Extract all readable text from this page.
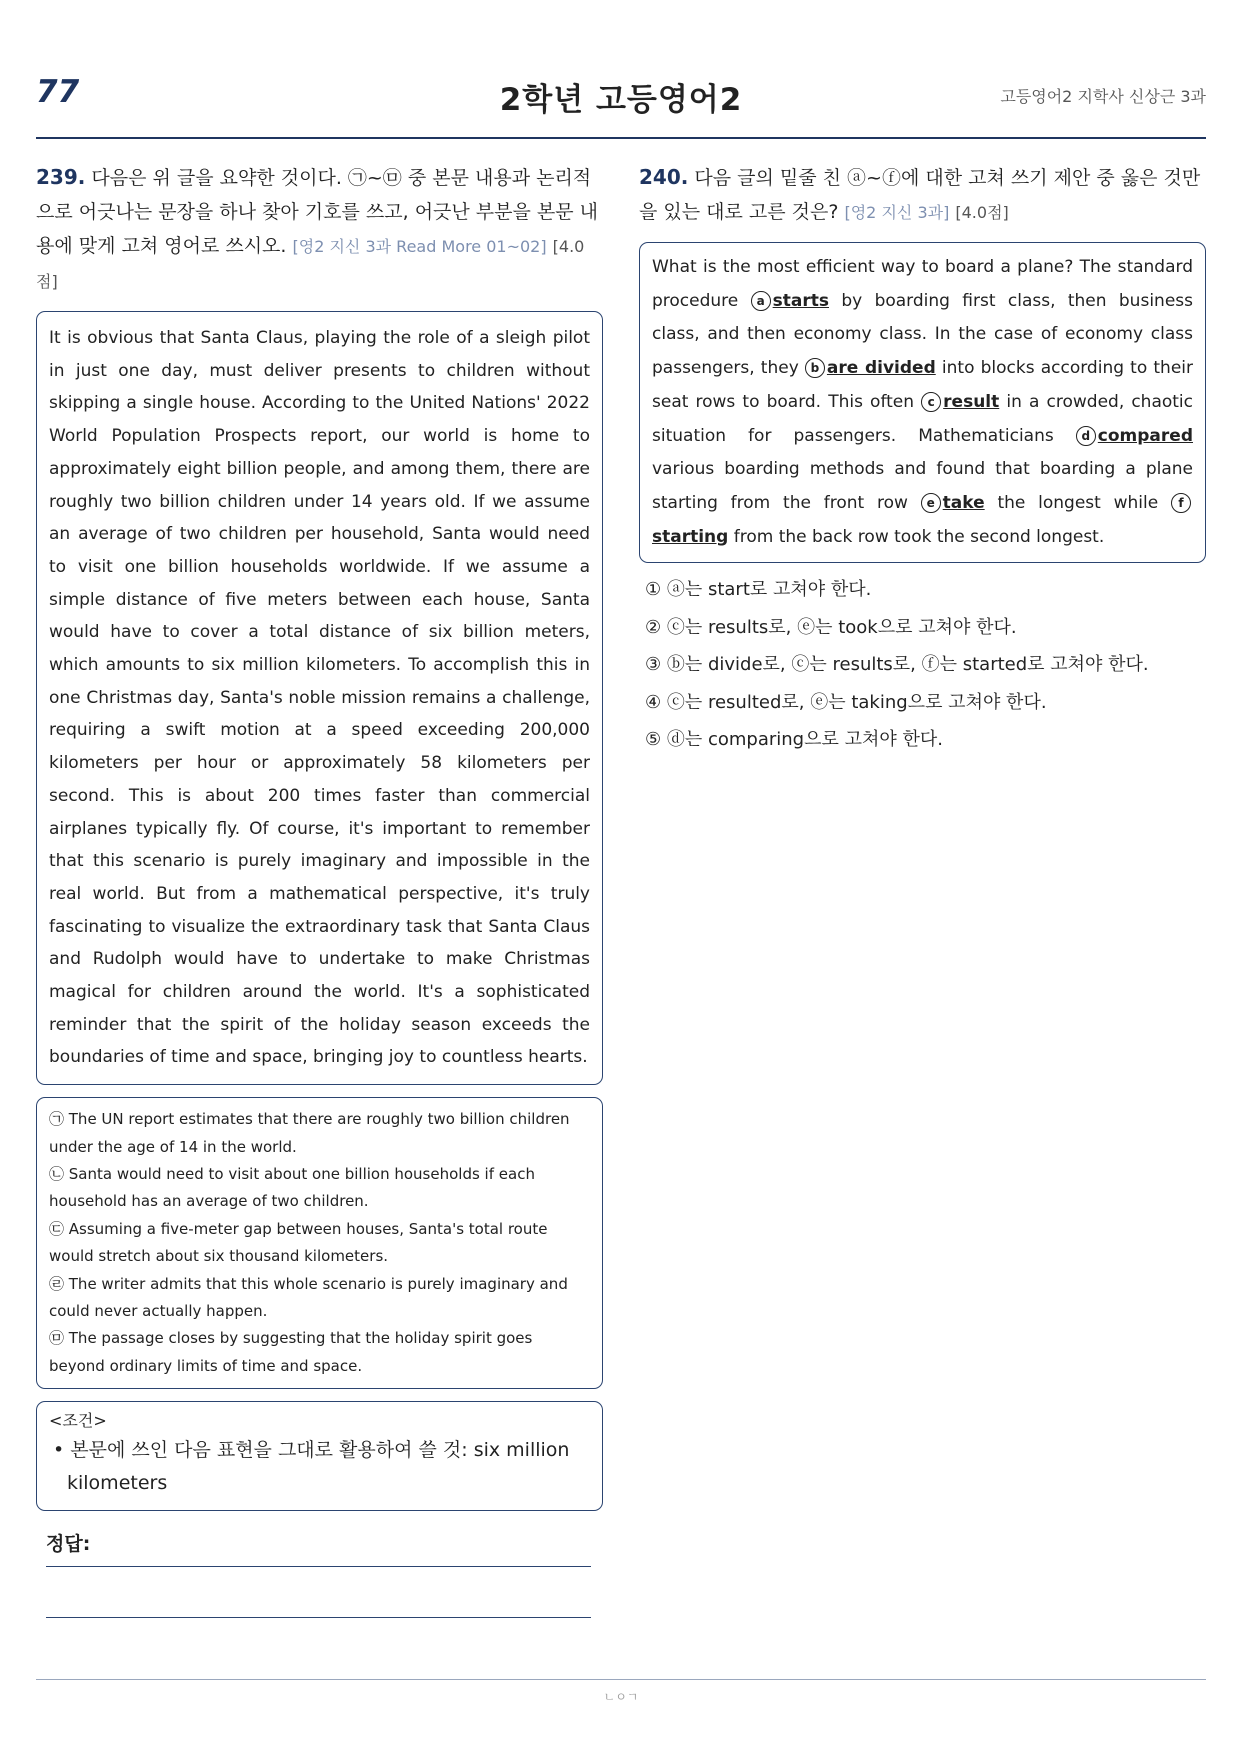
77	2학년 고등영어2	고등영어2 지학사 신상근 3과

239. 다음은 위 글을 요약한 것이다. ㉠~㉤ 중 본문 내용과 논리적으로 어긋나는 문장을 하나 찾아 기호를 쓰고, 어긋난 부분을 본문 내용에 맞게 고쳐 영어로 쓰시오. [영2 지신 3과 Read More 01~02] [4.0점]

It is obvious that Santa Claus, playing the role of a sleigh pilot in just one day, must deliver presents to children without skipping a single house. According to the United Nations' 2022 World Population Prospects report, our world is home to approximately eight billion people, and among them, there are roughly two billion children under 14 years old. If we assume an average of two children per household, Santa would need to visit one billion households worldwide. If we assume a simple distance of five meters between each house, Santa would have to cover a total distance of six billion meters, which amounts to six million kilometers. To accomplish this in one Christmas day, Santa's noble mission remains a challenge, requiring a swift motion at a speed exceeding 200,000 kilometers per hour or approximately 58 kilometers per second. This is about 200 times faster than commercial airplanes typically fly. Of course, it's important to remember that this scenario is purely imaginary and impossible in the real world. But from a mathematical perspective, it's truly fascinating to visualize the extraordinary task that Santa Claus and Rudolph would have to undertake to make Christmas magical for children around the world. It's a sophisticated reminder that the spirit of the holiday season exceeds the boundaries of time and space, bringing joy to countless hearts.
㉠ The UN report estimates that there are roughly two billion children under the age of 14 in the world.
㉡ Santa would need to visit about one billion households if each household has an average of two children.
㉢ Assuming a five-meter gap between houses, Santa's total route would stretch about six thousand kilometers.
㉣ The writer admits that this whole scenario is purely imaginary and could never actually happen.
㉤ The passage closes by suggesting that the holiday spirit goes beyond ordinary limits of time and space.
<조건>
• 본문에 쓰인 다음 표현을 그대로 활용하여 쓸 것: six million kilometers
정답:

240. 다음 글의 밑줄 친 ⓐ~ⓕ에 대한 고쳐 쓰기 제안 중 옳은 것만을 있는 대로 고른 것은? [영2 지신 3과] [4.0점]

What is the most efficient way to board a plane? The standard procedure a starts by boarding first class, then business class, and then economy class. In the case of economy class passengers, they b are divided into blocks according to their seat rows to board. This often c result in a crowded, chaotic situation for passengers. Mathematicians d compared various boarding methods and found that boarding a plane starting from the front row e take the longest while fstarting from the back row took the second longest.
① ⓐ는 start로 고쳐야 한다.
② ⓒ는 results로, ⓔ는 took으로 고쳐야 한다.
③ ⓑ는 divide로, ⓒ는 results로, ⓕ는 started로 고쳐야 한다.
④ ⓒ는 resulted로, ⓔ는 taking으로 고쳐야 한다.
⑤ ⓓ는 comparing으로 고쳐야 한다.
ㄴㅇㄱ
